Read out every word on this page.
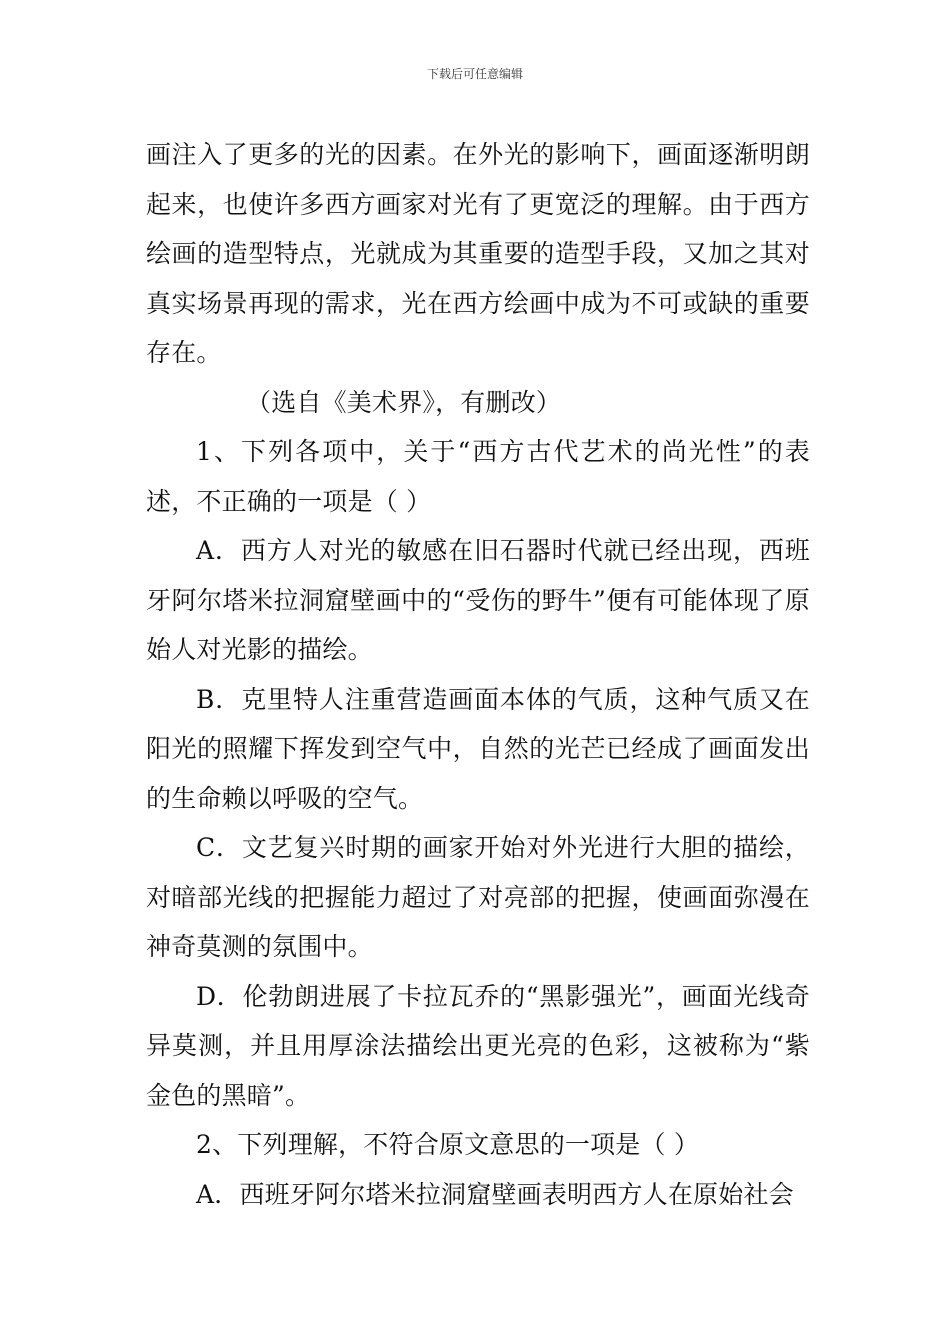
下载后可任意编辑

画注入了更多的光的因素。在外光的影响下，画面逐渐明朗起来，也使许多西方画家对光有了更宽泛的理解。由于西方绘画的造型特点，光就成为其重要的造型手段，又加之其对真实场景再现的需求，光在西方绘画中成为不可或缺的重要存在。

（选自《美术界》，有删改）

1、下列各项中，关于“西方古代艺术的尚光性”的表述，不正确的一项是（ ）

A．西方人对光的敏感在旧石器时代就已经出现，西班牙阿尔塔米拉洞窟壁画中的“受伤的野牛”便有可能体现了原始人对光影的描绘。

B．克里特人注重营造画面本体的气质，这种气质又在阳光的照耀下挥发到空气中，自然的光芒已经成了画面发出的生命赖以呼吸的空气。

C．文艺复兴时期的画家开始对外光进行大胆的描绘，对暗部光线的把握能力超过了对亮部的把握，使画面弥漫在神奇莫测的氛围中。

D．伦勃朗进展了卡拉瓦乔的“黑影强光”，画面光线奇异莫测，并且用厚涂法描绘出更光亮的色彩，这被称为“紫金色的黑暗”。

2、下列理解，不符合原文意思的一项是（ ）

A．西班牙阿尔塔米拉洞窟壁画表明西方人在原始社会
